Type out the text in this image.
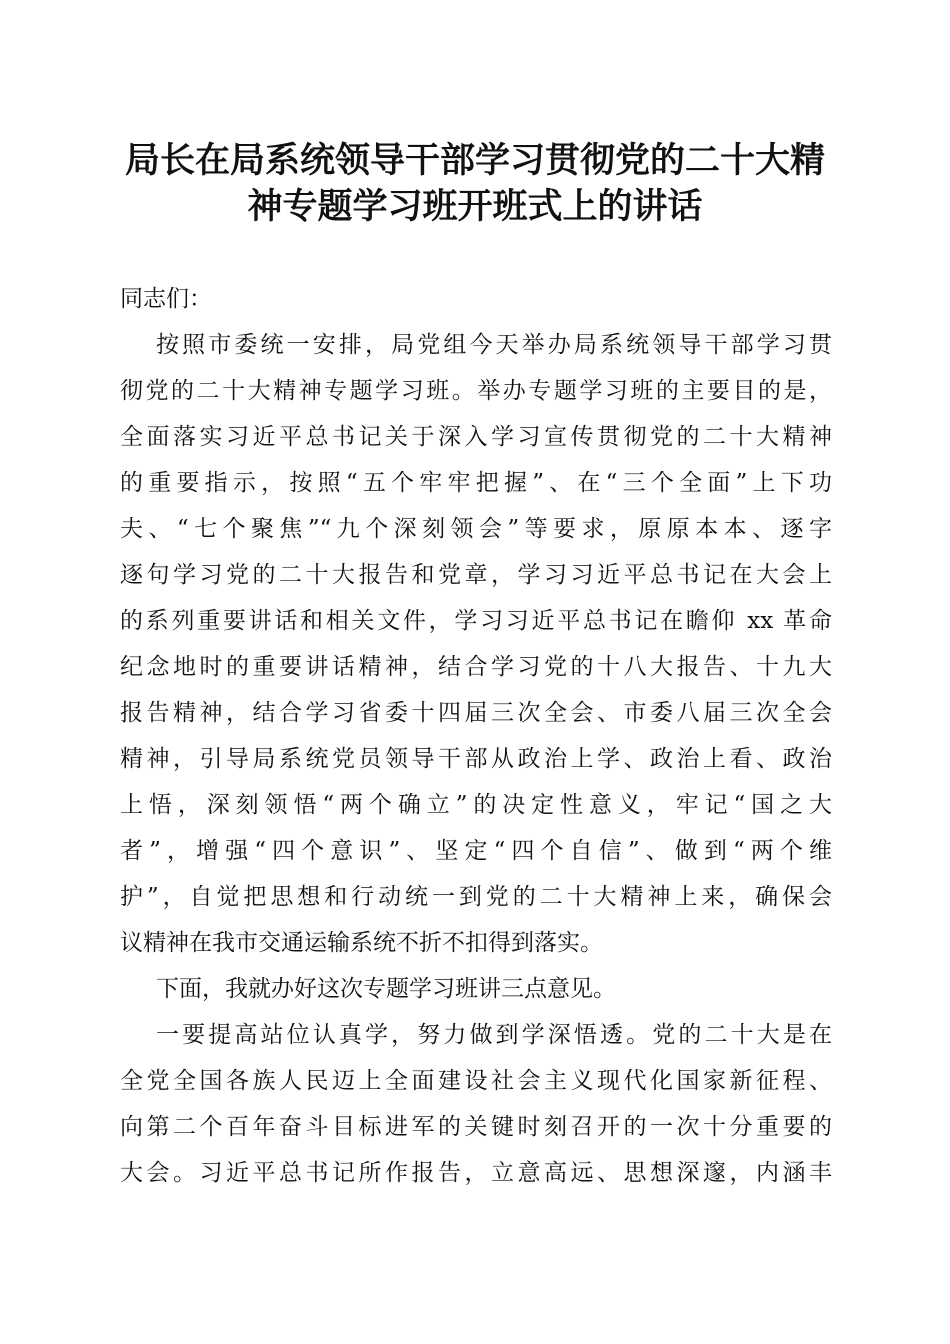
局长在局系统领导干部学习贯彻党的二十大精
神专题学习班开班式上的讲话
同志们：
按照市委统一安排，局党组今天举办局系统领导干部学习贯
彻党的二十大精神专题学习班。举办专题学习班的主要目的是，
全面落实习近平总书记关于深入学习宣传贯彻党的二十大精神
的重要指示，按照“五个牢牢把握”、在“三个全面”上下功
夫、“七个聚焦”“九个深刻领会”等要求，原原本本、逐字
逐句学习党的二十大报告和党章，学习习近平总书记在大会上
的系列重要讲话和相关文件，学习习近平总书记在瞻仰 xx 革命
纪念地时的重要讲话精神，结合学习党的十八大报告、十九大
报告精神，结合学习省委十四届三次全会、市委八届三次全会
精神，引导局系统党员领导干部从政治上学、政治上看、政治
上悟，深刻领悟“两个确立”的决定性意义，牢记“国之大
者”，增强“四个意识”、坚定“四个自信”、做到“两个维
护”，自觉把思想和行动统一到党的二十大精神上来，确保会
议精神在我市交通运输系统不折不扣得到落实。
下面，我就办好这次专题学习班讲三点意见。
一要提高站位认真学，努力做到学深悟透。党的二十大是在
全党全国各族人民迈上全面建设社会主义现代化国家新征程、
向第二个百年奋斗目标进军的关键时刻召开的一次十分重要的
大会。习近平总书记所作报告，立意高远、思想深邃，内涵丰
